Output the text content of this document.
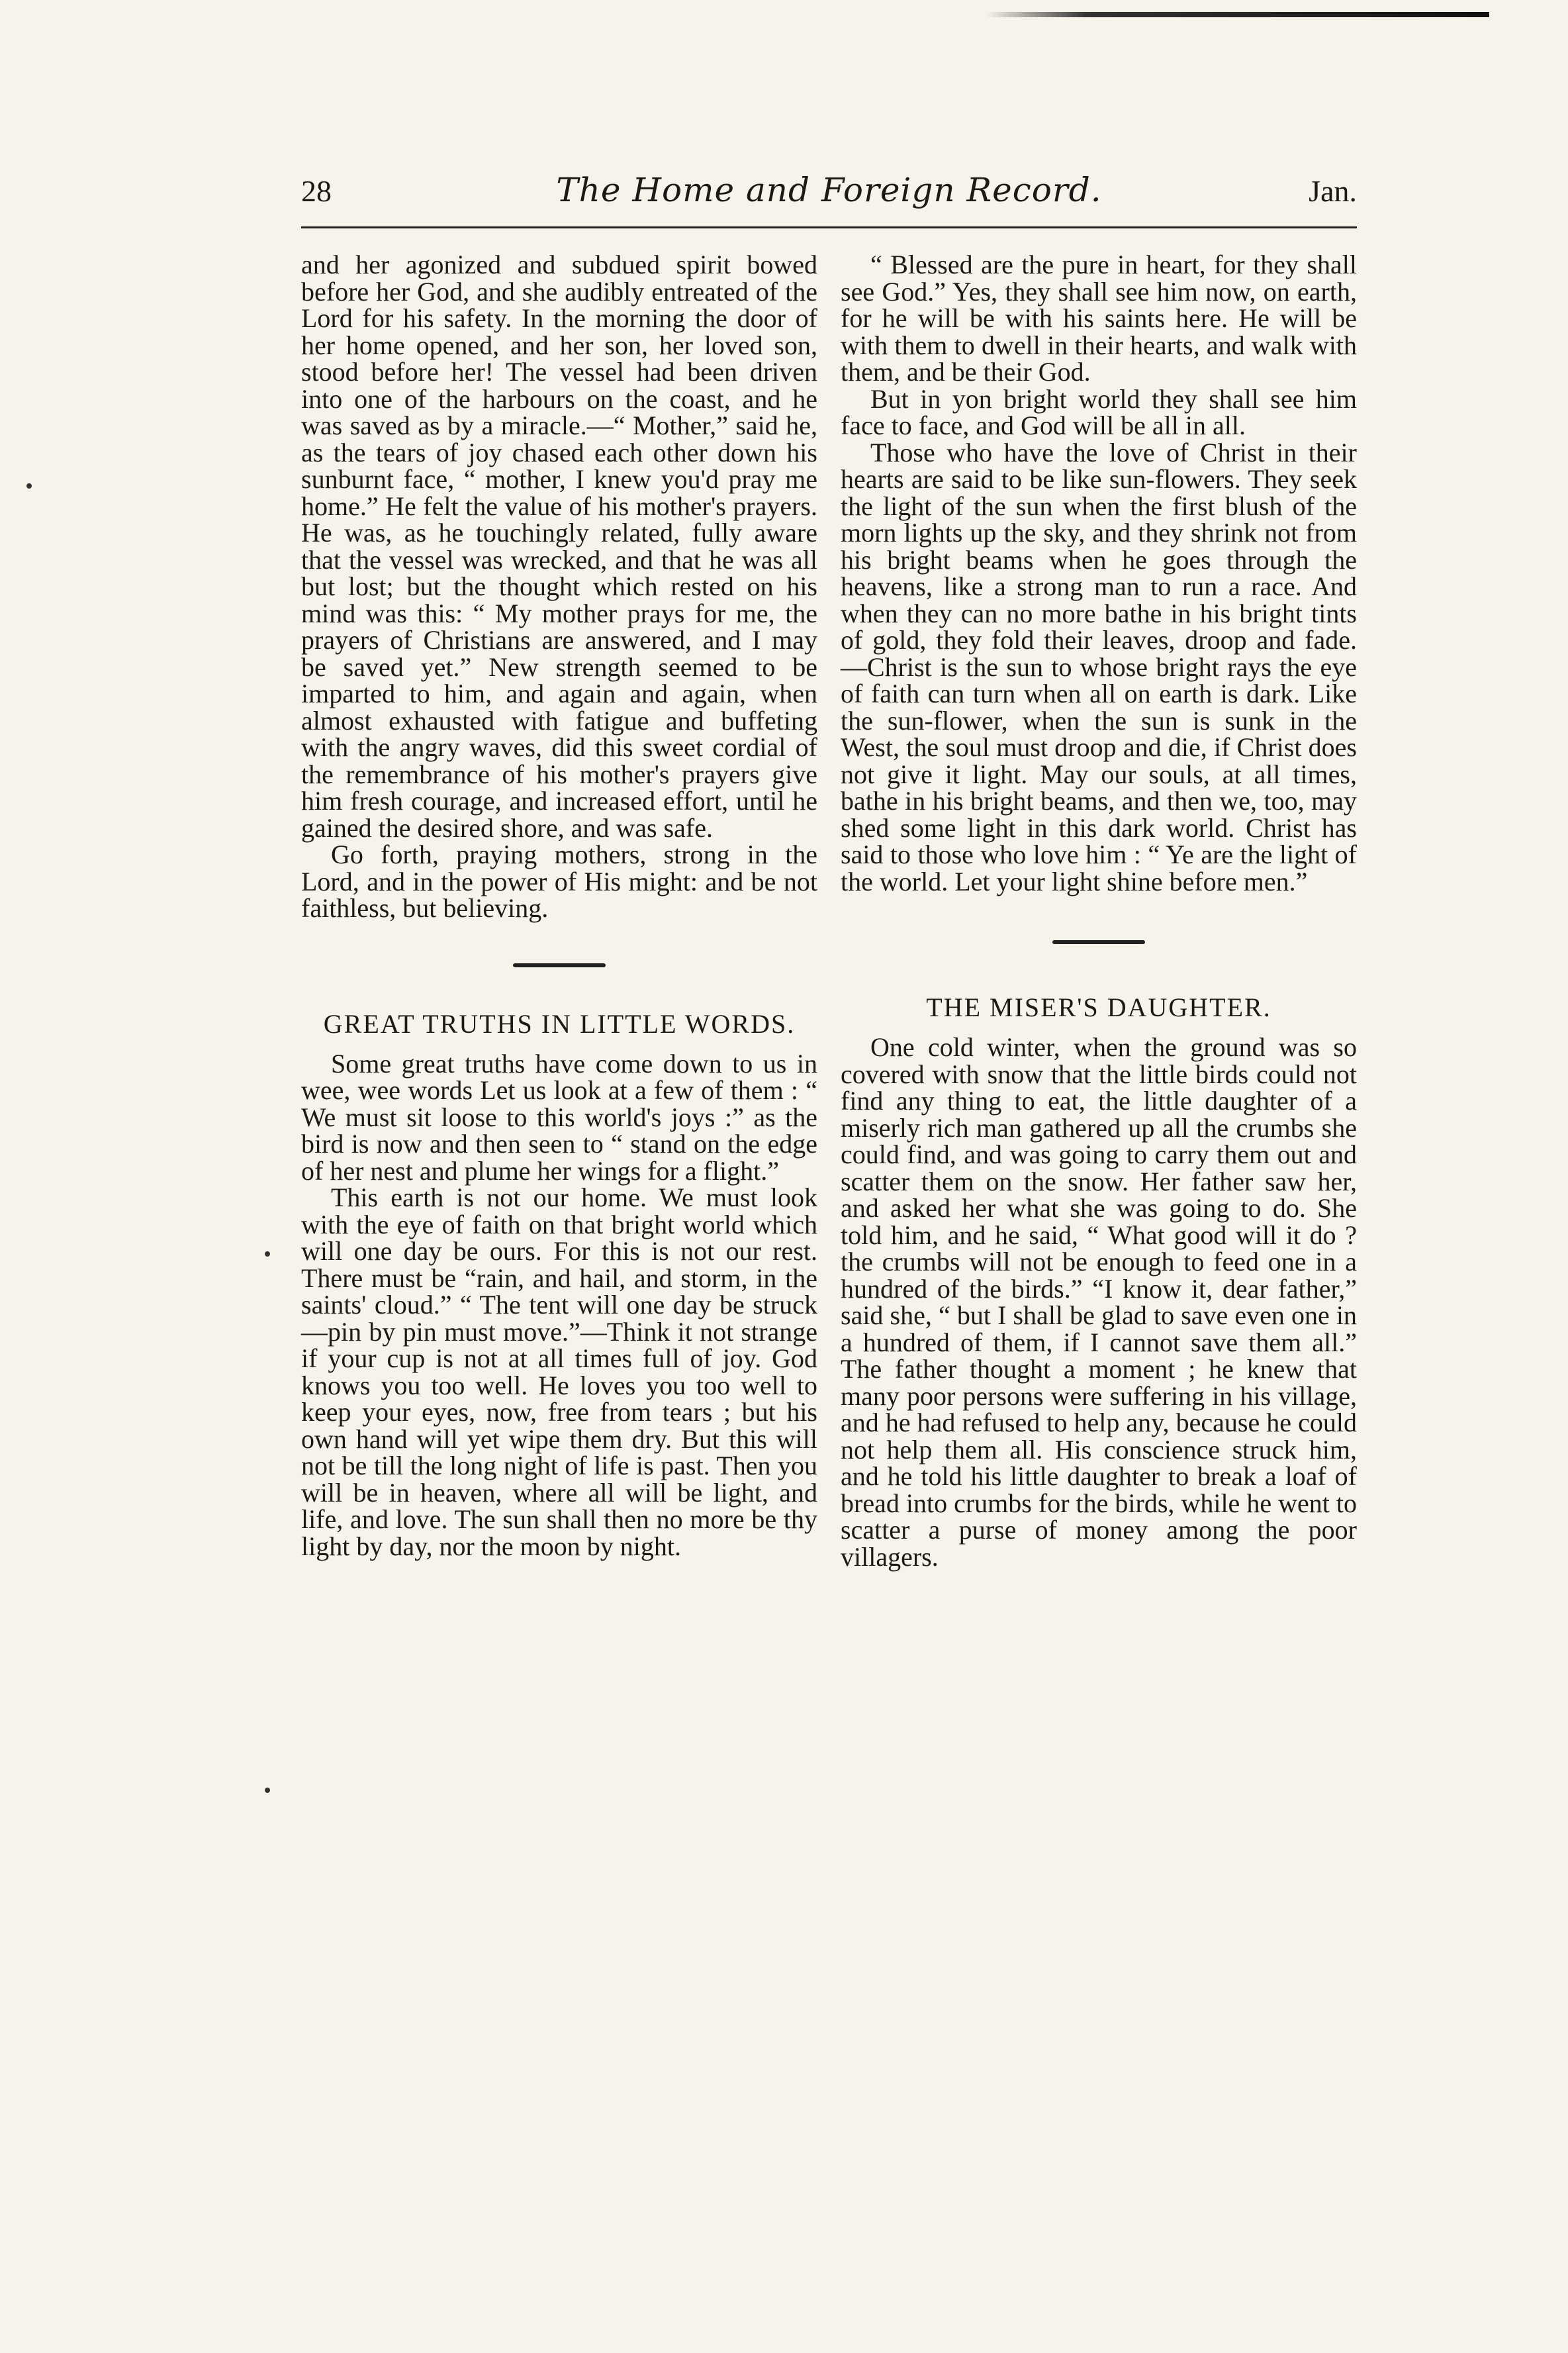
28	The Home and Foreign Record.	Jan.

and her agonized and subdued spirit bowed before her God, and she audibly entreated of the Lord for his safety. In the morning the door of her home opened, and her son, her loved son, stood before her! The vessel had been driven into one of the harbours on the coast, and he was saved as by a miracle.—“ Mother,” said he, as the tears of joy chased each other down his sunburnt face, “ mother, I knew you'd pray me home.” He felt the value of his mother's prayers. He was, as he touchingly related, fully aware that the vessel was wrecked, and that he was all but lost; but the thought which rested on his mind was this: “ My mother prays for me, the prayers of Christians are answered, and I may be saved yet.” New strength seemed to be imparted to him, and again and again, when almost exhausted with fatigue and buffeting with the angry waves, did this sweet cordial of the remembrance of his mother's prayers give him fresh courage, and increased effort, until he gained the desired shore, and was safe.

Go forth, praying mothers, strong in the Lord, and in the power of His might: and be not faithless, but believing.

GREAT TRUTHS IN LITTLE WORDS.

Some great truths have come down to us in wee, wee words Let us look at a few of them : “ We must sit loose to this world's joys :” as the bird is now and then seen to “ stand on the edge of her nest and plume her wings for a flight.”

This earth is not our home. We must look with the eye of faith on that bright world which will one day be ours. For this is not our rest. There must be “rain, and hail, and storm, in the saints' cloud.” “ The tent will one day be struck—pin by pin must move.”—Think it not strange if your cup is not at all times full of joy. God knows you too well. He loves you too well to keep your eyes, now, free from tears ; but his own hand will yet wipe them dry. But this will not be till the long night of life is past. Then you will be in heaven, where all will be light, and life, and love. The sun shall then no more be thy light by day, nor the moon by night.

“ Blessed are the pure in heart, for they shall see God.” Yes, they shall see him now, on earth, for he will be with his saints here. He will be with them to dwell in their hearts, and walk with them, and be their God.

But in yon bright world they shall see him face to face, and God will be all in all.

Those who have the love of Christ in their hearts are said to be like sun-flowers. They seek the light of the sun when the first blush of the morn lights up the sky, and they shrink not from his bright beams when he goes through the heavens, like a strong man to run a race. And when they can no more bathe in his bright tints of gold, they fold their leaves, droop and fade.—Christ is the sun to whose bright rays the eye of faith can turn when all on earth is dark. Like the sun-flower, when the sun is sunk in the West, the soul must droop and die, if Christ does not give it light. May our souls, at all times, bathe in his bright beams, and then we, too, may shed some light in this dark world. Christ has said to those who love him : “ Ye are the light of the world. Let your light shine before men.”

THE MISER'S DAUGHTER.

One cold winter, when the ground was so covered with snow that the little birds could not find any thing to eat, the little daughter of a miserly rich man gathered up all the crumbs she could find, and was going to carry them out and scatter them on the snow. Her father saw her, and asked her what she was going to do. She told him, and he said, “ What good will it do ? the crumbs will not be enough to feed one in a hundred of the birds.” “I know it, dear father,” said she, “ but I shall be glad to save even one in a hundred of them, if I cannot save them all.” The father thought a moment ; he knew that many poor persons were suffering in his village, and he had refused to help any, because he could not help them all. His conscience struck him, and he told his little daughter to break a loaf of bread into crumbs for the birds, while he went to scatter a purse of money among the poor villagers.
